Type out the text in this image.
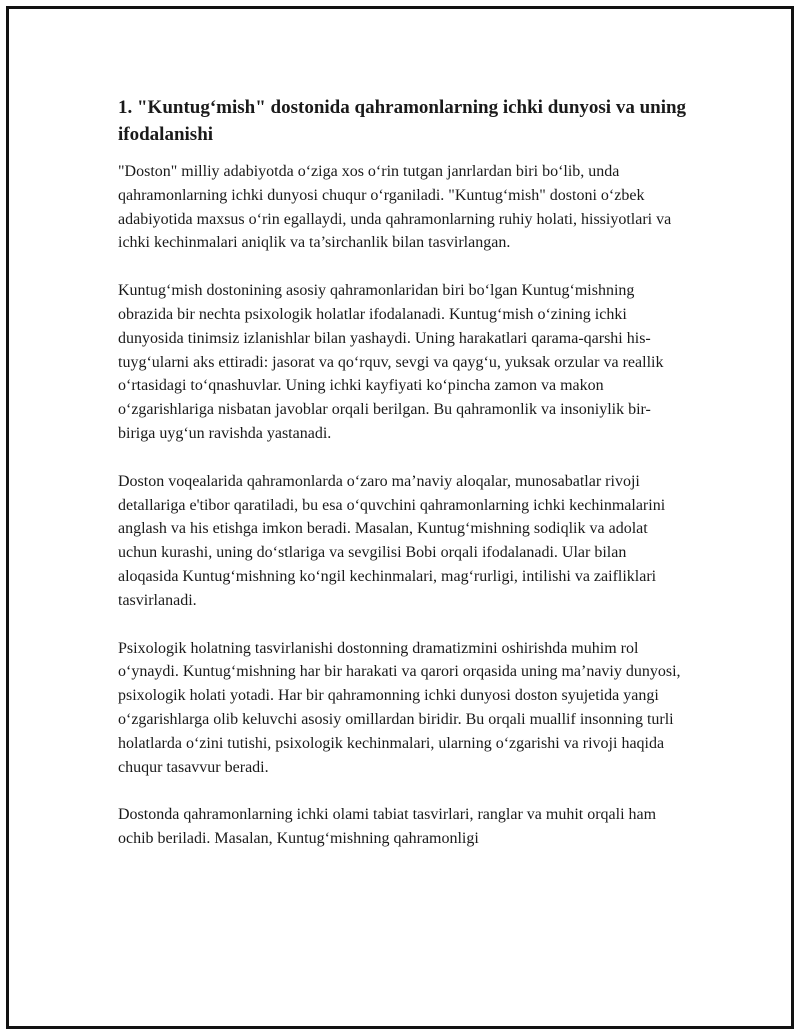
1. "Kuntug‘mish" dostonida qahramonlarning ichki dunyosi va uning ifodalanishi

"Doston" milliy adabiyotda o‘ziga xos o‘rin tutgan janrlardan biri bo‘lib, unda qahramonlarning ichki dunyosi chuqur o‘rganiladi. "Kuntug‘mish" dostoni o‘zbek adabiyotida maxsus o‘rin egallaydi, unda qahramonlarning ruhiy holati, hissiyotlari va ichki kechinmalari aniqlik va ta’sirchanlik bilan tasvirlangan.

Kuntug‘mish dostonining asosiy qahramonlaridan biri bo‘lgan Kuntug‘mishning obrazida bir nechta psixologik holatlar ifodalanadi. Kuntug‘mish o‘zining ichki dunyosida tinimsiz izlanishlar bilan yashaydi. Uning harakatlari qarama-qarshi his-tuyg‘ularni aks ettiradi: jasorat va qo‘rquv, sevgi va qayg‘u, yuksak orzular va reallik o‘rtasidagi to‘qnashuvlar. Uning ichki kayfiyati ko‘pincha zamon va makon o‘zgarishlariga nisbatan javoblar orqali berilgan. Bu qahramonlik va insoniylik bir-biriga uyg‘un ravishda yastanadi.

Doston voqealarida qahramonlarda o‘zaro ma’naviy aloqalar, munosabatlar rivoji detallariga e'tibor qaratiladi, bu esa o‘quvchini qahramonlarning ichki kechinmalarini anglash va his etishga imkon beradi. Masalan, Kuntug‘mishning sodiqlik va adolat uchun kurashi, uning do‘stlariga va sevgilisi Bobi orqali ifodalanadi. Ular bilan aloqasida Kuntug‘mishning ko‘ngil kechinmalari, mag‘rurligi, intilishi va zaifliklari tasvirlanadi.

Psixologik holatning tasvirlanishi dostonning dramatizmini oshirishda muhim rol o‘ynaydi. Kuntug‘mishning har bir harakati va qarori orqasida uning ma’naviy dunyosi, psixologik holati yotadi. Har bir qahramonning ichki dunyosi doston syujetida yangi o‘zgarishlarga olib keluvchi asosiy omillardan biridir. Bu orqali muallif insonning turli holatlarda o‘zini tutishi, psixologik kechinmalari, ularning o‘zgarishi va rivoji haqida chuqur tasavvur beradi.

Dostonda qahramonlarning ichki olami tabiat tasvirlari, ranglar va muhit orqali ham ochib beriladi. Masalan, Kuntug‘mishning qahramonligi
